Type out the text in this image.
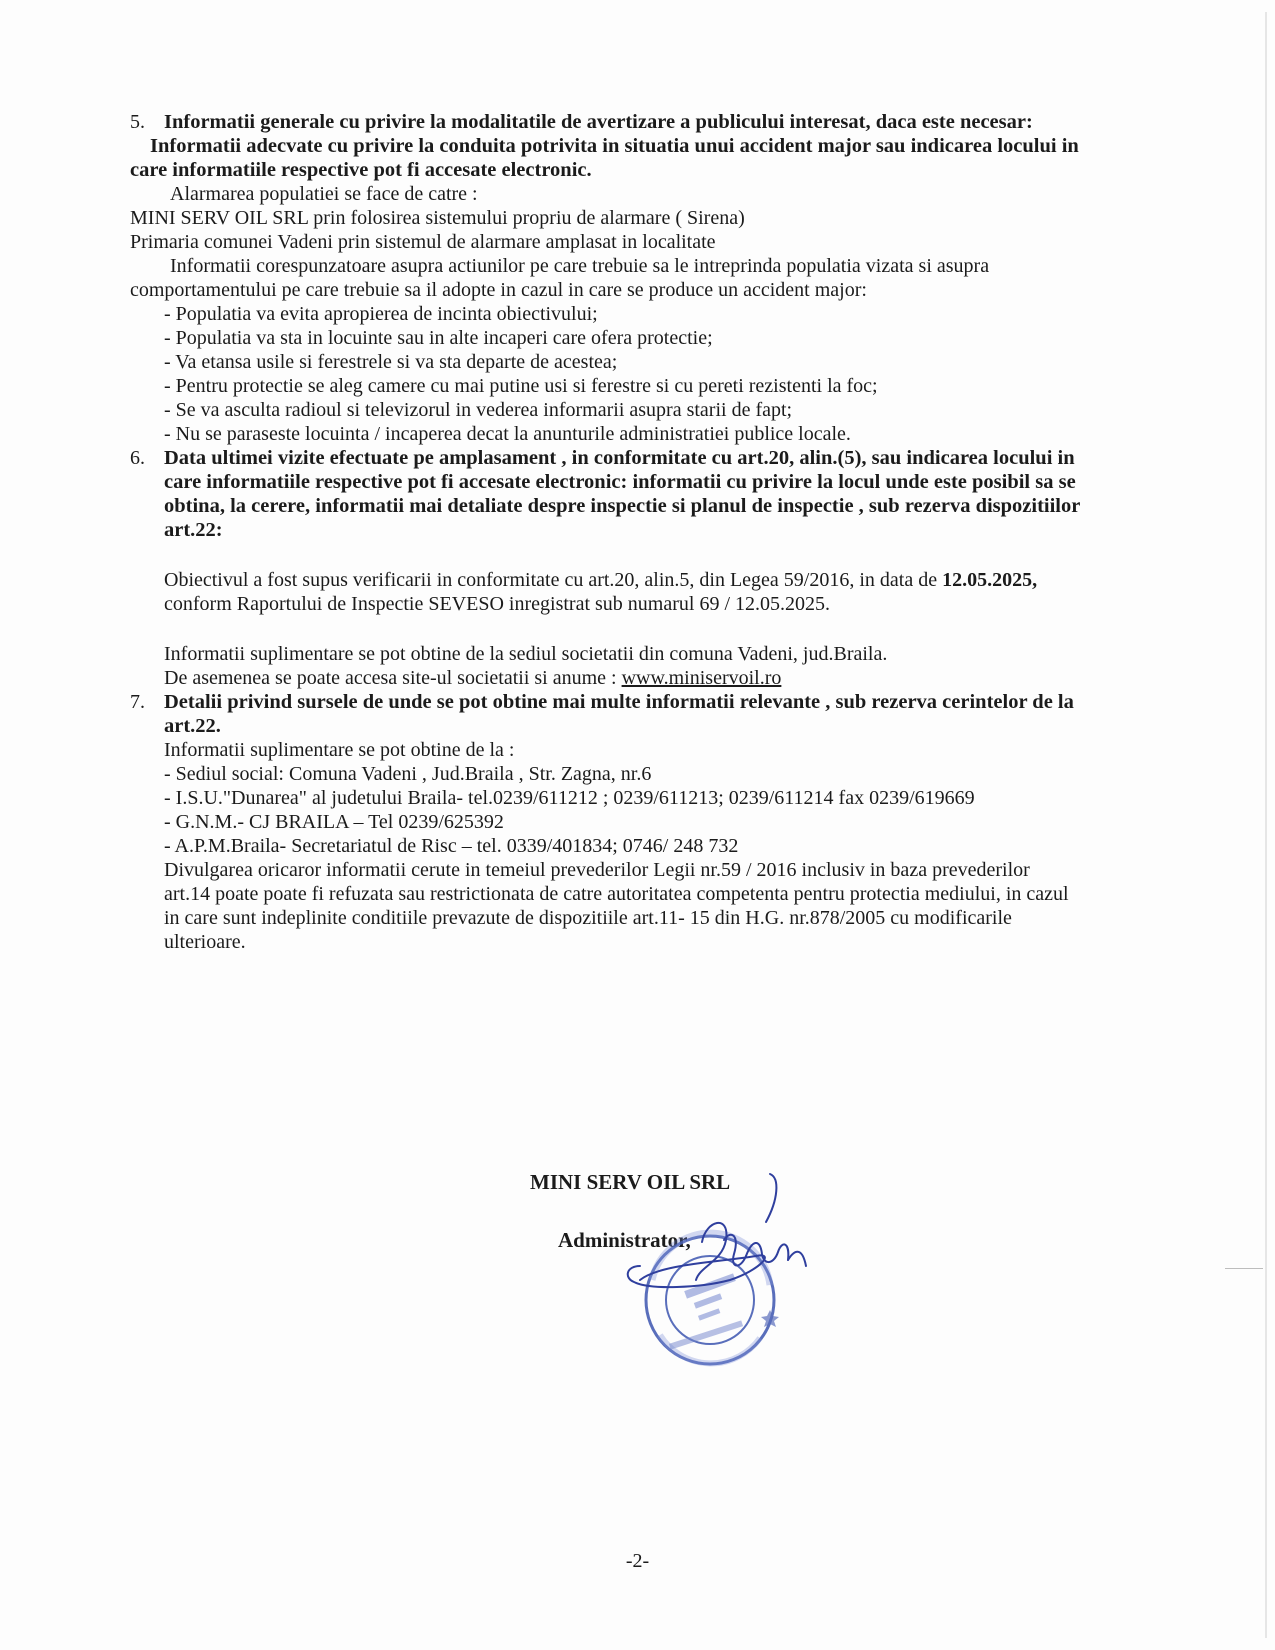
5. Informatii generale cu privire la modalitatile de avertizare a publicului interesat, daca este necesar:

Informatii adecvate cu privire la conduita potrivita in situatia unui accident major sau indicarea locului in

care informatiile respective pot fi accesate electronic.

Alarmarea populatiei se face de catre :

MINI SERV OIL SRL prin folosirea sistemului propriu de alarmare ( Sirena)

Primaria comunei Vadeni prin sistemul de alarmare amplasat in localitate

Informatii corespunzatoare asupra actiunilor pe care trebuie sa le intreprinda populatia vizata si asupra

comportamentului pe care trebuie sa il adopte in cazul in care se produce un accident major:

- Populatia va evita apropierea de incinta obiectivului;

- Populatia va sta in locuinte sau in alte incaperi care ofera protectie;

- Va etansa usile si ferestrele si va sta departe de acestea;

- Pentru protectie se aleg camere cu mai putine usi si ferestre si cu pereti rezistenti la foc;

- Se va asculta radioul si televizorul in vederea informarii asupra starii de fapt;

- Nu se paraseste locuinta / incaperea decat la anunturile administratiei publice locale.

6. Data ultimei vizite efectuate pe amplasament , in conformitate cu art.20, alin.(5), sau indicarea locului in

care informatiile respective pot fi accesate electronic: informatii cu privire la locul unde este posibil sa se

obtina, la cerere, informatii mai detaliate despre inspectie si planul de inspectie , sub rezerva dispozitiilor

art.22:

Obiectivul a fost supus verificarii in conformitate cu art.20, alin.5, din Legea 59/2016, in data de 12.05.2025,

conform Raportului de Inspectie SEVESO inregistrat sub numarul 69 / 12.05.2025.

Informatii suplimentare se pot obtine de la sediul societatii din comuna Vadeni, jud.Braila.

De asemenea se poate accesa site-ul societatii si anume : www.miniservoil.ro

7. Detalii privind sursele de unde se pot obtine mai multe informatii relevante , sub rezerva cerintelor de la

art.22.

Informatii suplimentare se pot obtine de la :

- Sediul social: Comuna Vadeni , Jud.Braila , Str. Zagna, nr.6

- I.S.U."Dunarea" al judetului Braila- tel.0239/611212 ; 0239/611213; 0239/611214 fax 0239/619669

- G.N.M.- CJ BRAILA – Tel 0239/625392

- A.P.M.Braila- Secretariatul de Risc – tel. 0339/401834; 0746/ 248 732

Divulgarea oricaror informatii cerute in temeiul prevederilor Legii nr.59 / 2016 inclusiv in baza prevederilor

art.14 poate poate fi refuzata sau restrictionata de catre autoritatea competenta pentru protectia mediului, in cazul

in care sunt indeplinite conditiile prevazute de dispozitiile art.11- 15 din H.G. nr.878/2005 cu modificarile

ulterioare.

MINI SERV OIL SRL
Administrator,
-2-
